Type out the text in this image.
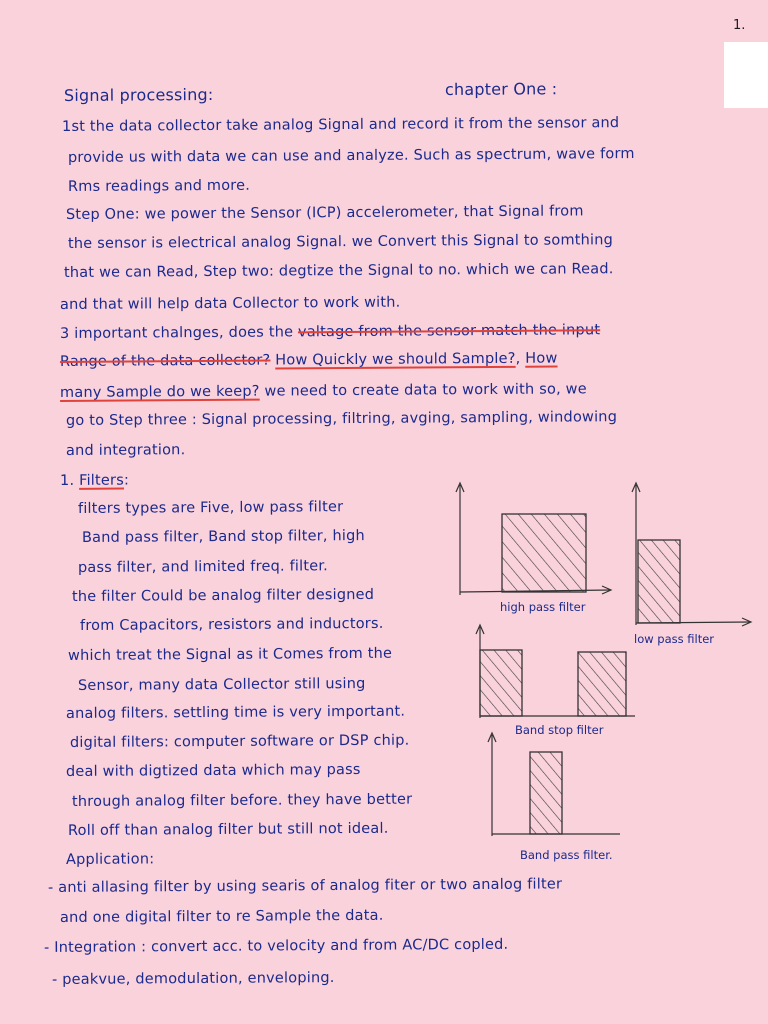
1.
Signal processing:	chapter One :
1st the data collector take analog Signal and record it from the sensor and
provide us with data we can use and analyze. Such as spectrum, wave form
Rms readings and more.
Step One: we power the Sensor (ICP) accelerometer, that Signal from
the sensor is electrical analog Signal. we Convert this Signal to somthing
that we can Read, Step two: degtize the Signal to no. which we can Read.
and that will help data Collector to work with.
3 important chalnges, does the valtage from the sensor match the input
Range of the data collector? How Quickly we should Sample?, How
many Sample do we keep? we need to create data to work with so, we
go to Step three : Signal processing, filtring, avging, sampling, windowing
and integration.
1. Filters:
filters types are Five, low pass filter
Band pass filter, Band stop filter, high
pass filter, and limited freq. filter.
the filter Could be analog filter designed
from Capacitors, resistors and inductors.
which treat the Signal as it Comes from the
Sensor, many data Collector still using
analog filters. settling time is very important.
digital filters: computer software or DSP chip.
deal with digtized data which may pass
through analog filter before. they have better
Roll off than analog filter but still not ideal.
high pass filter
low pass filter
Band stop filter
Band pass filter.
Application:
- anti allasing filter by using searis of analog fiter or two analog filter
and one digital filter to re Sample the data.
- Integration : convert acc. to velocity and from AC/DC copled.
- peakvue, demodulation, enveloping.
